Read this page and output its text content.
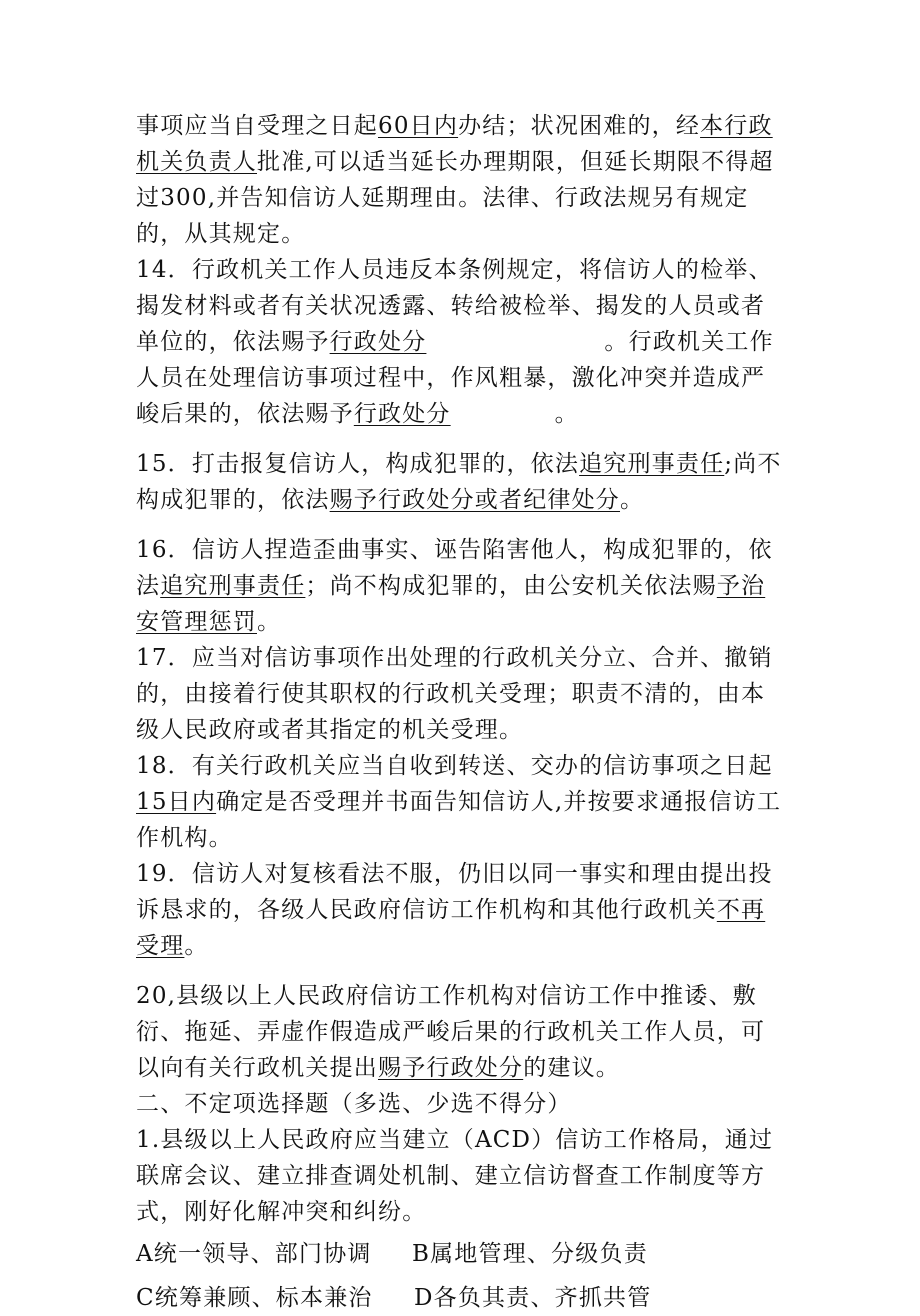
事项应当自受理之日起60日内办结；状况困难的，经本行政机关负责人批准,可以适当延长办理期限，但延长期限不得超过300,并告知信访人延期理由。法律、行政法规另有规定的，从其规定。

14．行政机关工作人员违反本条例规定，将信访人的检举、揭发材料或者有关状况透露、转给被检举、揭发的人员或者单位的，依法赐予行政处分	。行政机关工作人员在处理信访事项过程中，作风粗暴，激化冲突并造成严峻后果的，依法赐予行政处分	。

15．打击报复信访人，构成犯罪的，依法追究刑事责任;尚不构成犯罪的，依法赐予行政处分或者纪律处分。

16．信访人捏造歪曲事实、诬告陷害他人，构成犯罪的，依法追究刑事责任；尚不构成犯罪的，由公安机关依法赐予治安管理惩罚。

17．应当对信访事项作出处理的行政机关分立、合并、撤销的，由接着行使其职权的行政机关受理；职责不清的，由本级人民政府或者其指定的机关受理。

18．有关行政机关应当自收到转送、交办的信访事项之日起15日内确定是否受理并书面告知信访人,并按要求通报信访工作机构。

19．信访人对复核看法不服，仍旧以同一事实和理由提出投诉恳求的，各级人民政府信访工作机构和其他行政机关不再受理。

20,县级以上人民政府信访工作机构对信访工作中推诿、敷衍、拖延、弄虚作假造成严峻后果的行政机关工作人员，可以向有关行政机关提出赐予行政处分的建议。

二、不定项选择题（多选、少选不得分）

1.县级以上人民政府应当建立（ACD）信访工作格局，通过联席会议、建立排查调处机制、建立信访督查工作制度等方式，刚好化解冲突和纠纷。

A统一领导、部门协调	B属地管理、分级负责
C统筹兼顾、标本兼治	D各负其责、齐抓共管
